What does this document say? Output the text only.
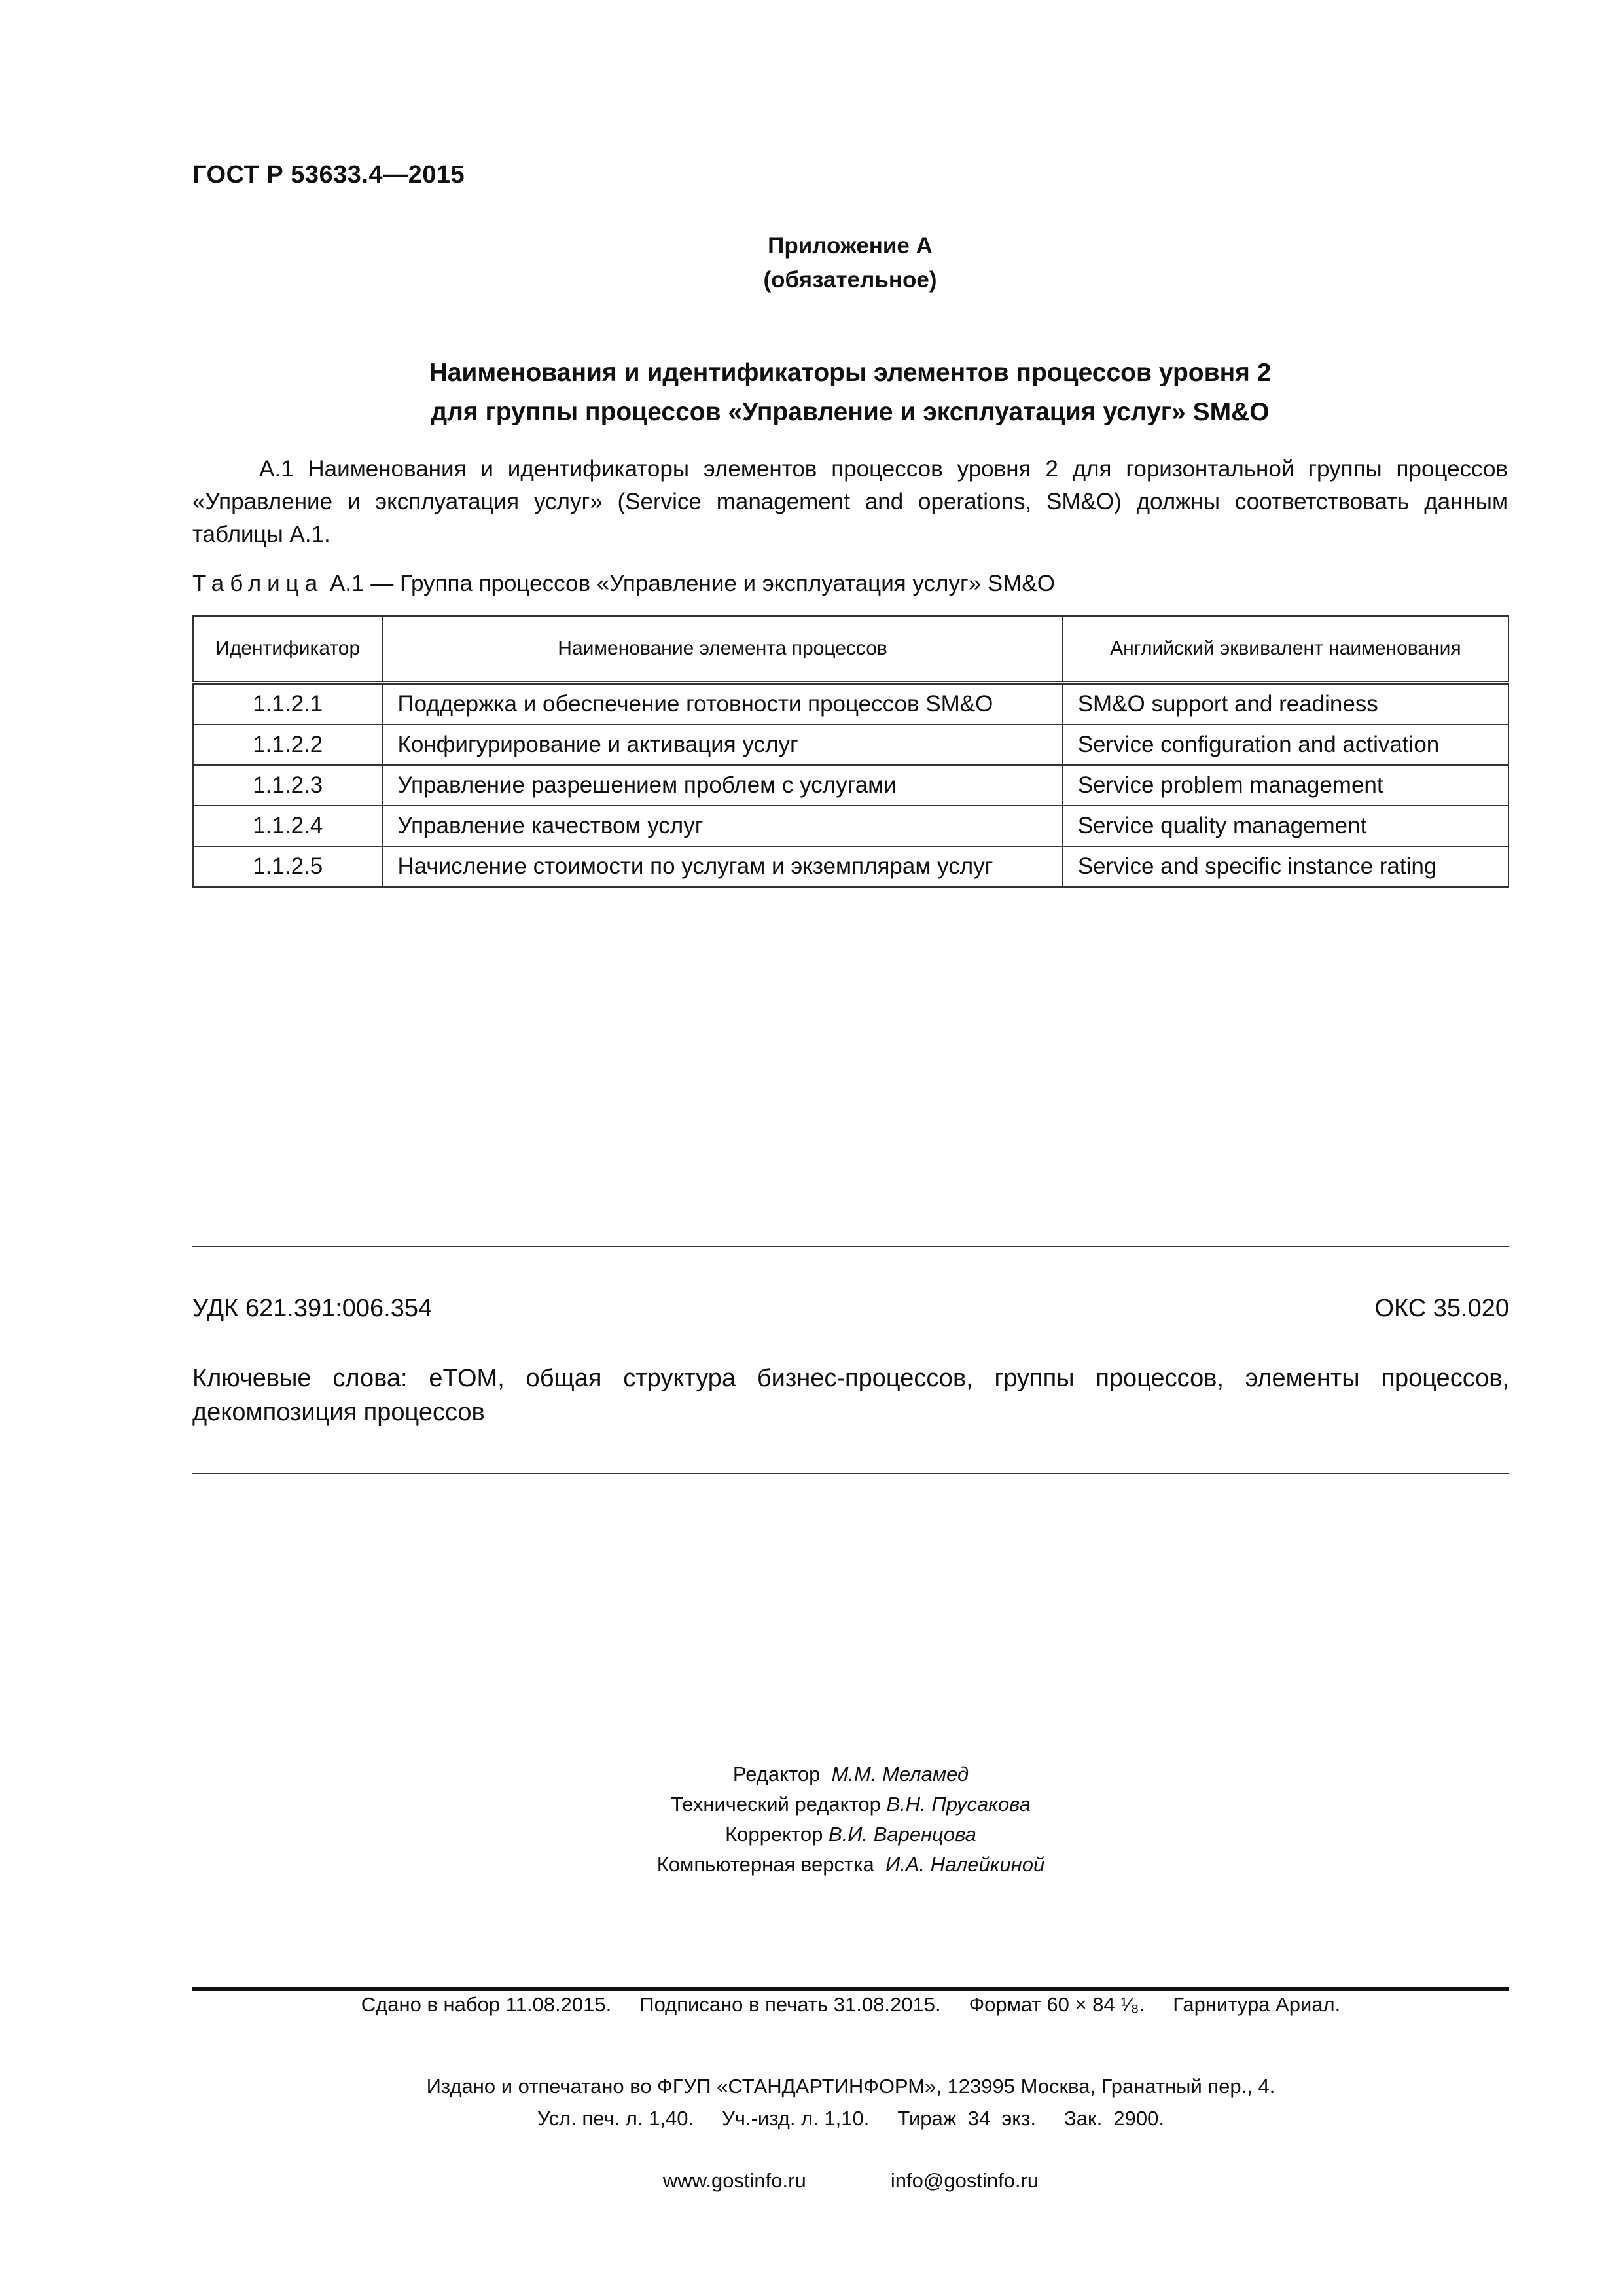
ГОСТ Р 53633.4—2015
Приложение А
(обязательное)
Наименования и идентификаторы элементов процессов уровня 2
для группы процессов «Управление и эксплуатация услуг» SM&O
А.1 Наименования и идентификаторы элементов процессов уровня 2 для горизонтальной группы процессов
«Управление и эксплуатация услуг» (Service management and operations, SM&O) должны соответствовать данным
таблицы А.1.
Таблица А.1 — Группа процессов «Управление и эксплуатация услуг» SM&O
Идентификатор	Наименование элемента процессов	Английский эквивалент наименования
1.1.2.1	Поддержка и обеспечение готовности процессов SM&O	SM&O support and readiness
1.1.2.2	Конфигурирование и активация услуг	Service configuration and activation
1.1.2.3	Управление разрешением проблем с услугами	Service problem management
1.1.2.4	Управление качеством услуг	Service quality management
1.1.2.5	Начисление стоимости по услугам и экземплярам услуг	Service and specific instance rating
УДК 621.391:006.354	ОКС 35.020
Ключевые слова: eTOM, общая структура бизнес-процессов, группы процессов, элементы процессов,
декомпозиция процессов
Редактор М.М. Меламед
Технический редактор В.Н. Прусакова
Корректор В.И. Варенцова
Компьютерная верстка И.А. Налейкиной

Сдано в набор 11.08.2015.     Подписано в печать 31.08.2015.     Формат 60 × 84 ¹⁄₈.     Гарнитура Ариал.

Усл. печ. л. 1,40.     Уч.-изд. л. 1,10.     Тираж  34  экз.     Зак.  2900.

Издано и отпечатано во ФГУП «СТАНДАРТИНФОРМ», 123995 Москва, Гранатный пер., 4.

www.gostinfo.ru               info@gostinfo.ru
